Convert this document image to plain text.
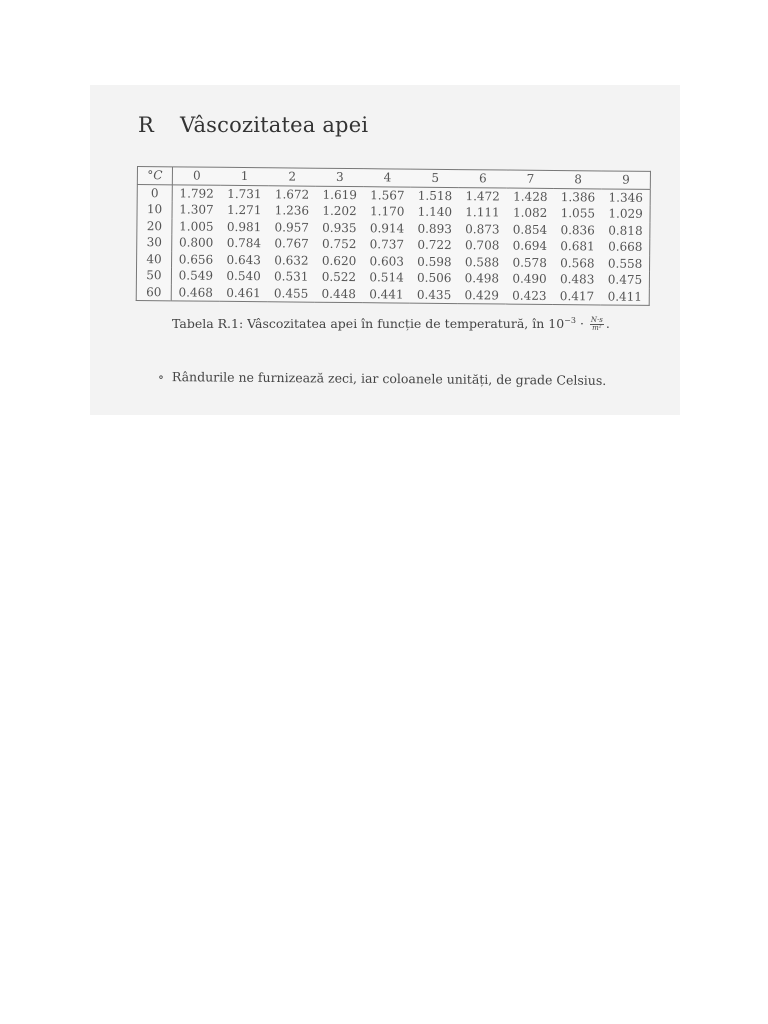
R Vâscozitatea apei
°C	0	1	2	3	4	5	6	7	8	9
0	1.792	1.731	1.672	1.619	1.567	1.518	1.472	1.428	1.386	1.346
10	1.307	1.271	1.236	1.202	1.170	1.140	1.111	1.082	1.055	1.029
20	1.005	0.981	0.957	0.935	0.914	0.893	0.873	0.854	0.836	0.818
30	0.800	0.784	0.767	0.752	0.737	0.722	0.708	0.694	0.681	0.668
40	0.656	0.643	0.632	0.620	0.603	0.598	0.588	0.578	0.568	0.558
50	0.549	0.540	0.531	0.522	0.514	0.506	0.498	0.490	0.483	0.475
60	0.468	0.461	0.455	0.448	0.441	0.435	0.429	0.423	0.417	0.411
Tabela R.1: Vâscozitatea apei în funcție de temperatură, în $10^{-3} \cdot \frac{N\cdot s}{\text{m²}}$ .
∘ Rândurile ne furnizează zeci, iar coloanele unități, de grade Celsius.
